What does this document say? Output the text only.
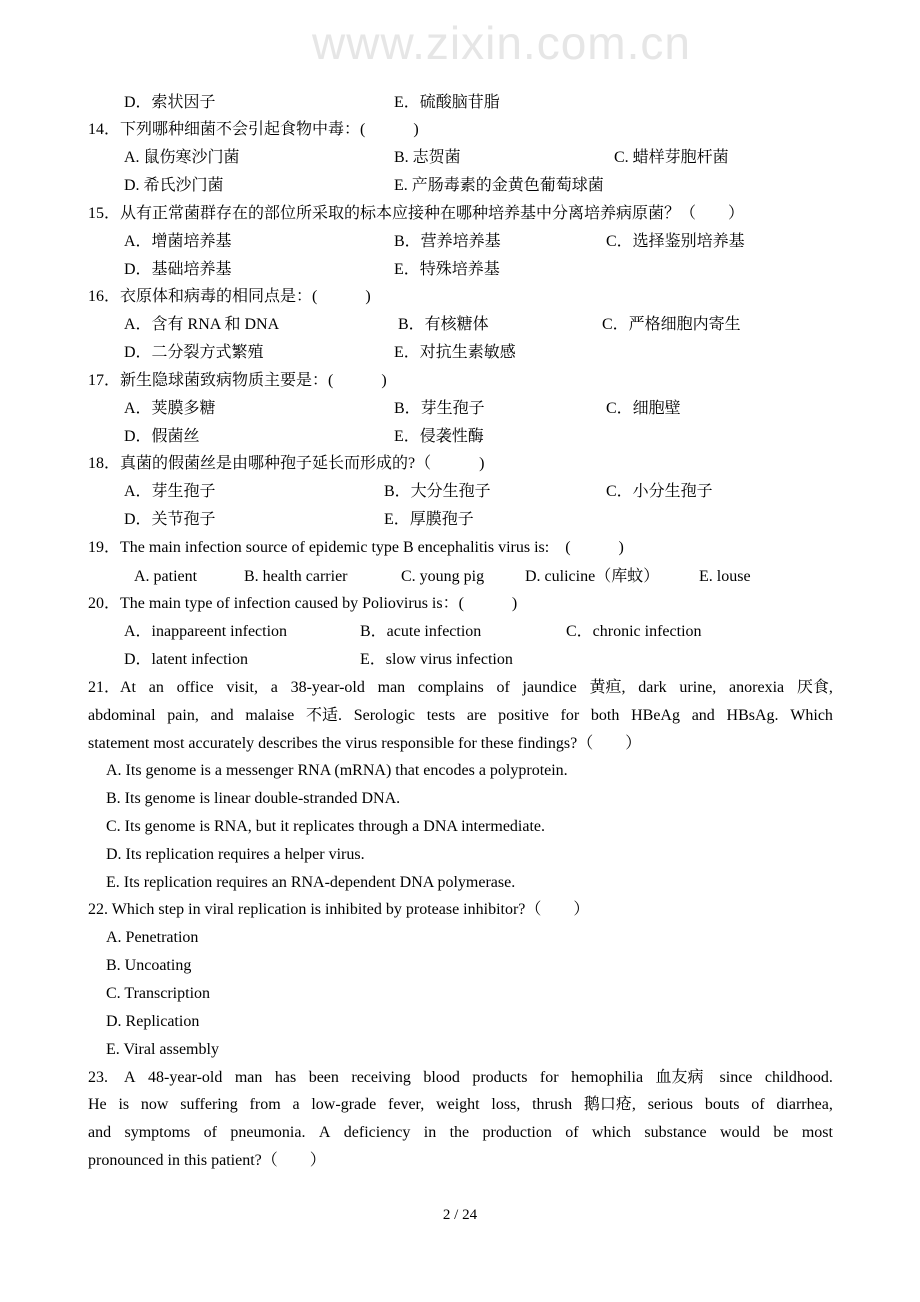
www.zixin.com.cn
D．索状因子	E．硫酸脑苷脂
14．下列哪种细菌不会引起食物中毒：(　　　)
A. 鼠伤寒沙门菌	B. 志贺菌	C. 蜡样芽胞杆菌
D. 希氏沙门菌	E. 产肠毒素的金黄色葡萄球菌
15．从有正常菌群存在的部位所采取的标本应接种在哪种培养基中分离培养病原菌？（　　）
A．增菌培养基	B．营养培养基	C．选择鉴别培养基
D．基础培养基	E．特殊培养基
16．衣原体和病毒的相同点是：(　　　)
A．含有 RNA 和 DNA	B．有核糖体	C．严格细胞内寄生
D．二分裂方式繁殖	E．对抗生素敏感
17．新生隐球菌致病物质主要是：(　　　)
A．荚膜多糖	B．芽生孢子	C．细胞壁
D．假菌丝	E．侵袭性酶
18．真菌的假菌丝是由哪种孢子延长而形成的?（　　　)
A．芽生孢子	B．大分生孢子	C．小分生孢子
D．关节孢子	E．厚膜孢子
19．The main infection source of epidemic type B encephalitis virus is:　(　　　)
A. patient	B. health carrier	C. young pig	D. culicine（库蚊） E. louse
20．The main type of infection caused by Poliovirus is：(　　　)
A．inappareent infection	B．acute infection	C．chronic infection
D．latent infection	E．slow virus infection
21．At an office visit, a 38-year-old man complains of jaundice 黄疸, dark urine, anorexia 厌食,
abdominal pain, and malaise 不适. Serologic tests are positive for both HBeAg and HBsAg. Which
statement most accurately describes the virus responsible for these findings?（　　）
A. Its genome is a messenger RNA (mRNA) that encodes a polyprotein.
B. Its genome is linear double-stranded DNA.
C. Its genome is RNA, but it replicates through a DNA intermediate.
D. Its replication requires a helper virus.
E. Its replication requires an RNA-dependent DNA polymerase.
22. Which step in viral replication is inhibited by protease inhibitor?（　　）
A. Penetration
B. Uncoating
C. Transcription
D. Replication
E. Viral assembly
23.　A 48-year-old man has been receiving blood products for hemophilia 血友病　since childhood.
He is now suffering from a low-grade fever, weight loss, thrush 鹅口疮, serious bouts of diarrhea,
and symptoms of pneumonia. A deficiency in the production of which substance would be most
pronounced in this patient?（　　）
2 / 24
